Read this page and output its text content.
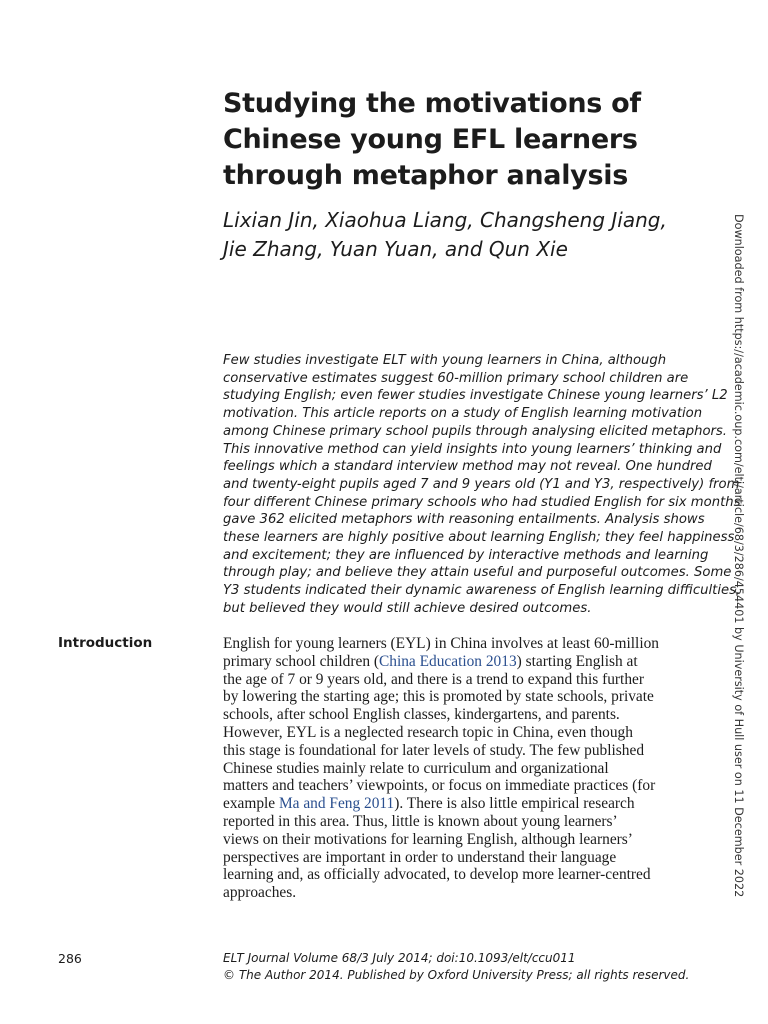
Studying the motivations of
Chinese young EFL learners
through metaphor analysis
Lixian Jin, Xiaohua Liang, Changsheng Jiang,
Jie Zhang, Yuan Yuan, and Qun Xie
Few studies investigate ELT with young learners in China, although
conservative estimates suggest 60-million primary school children are
studying English; even fewer studies investigate Chinese young learners’ L2
motivation. This article reports on a study of English learning motivation
among Chinese primary school pupils through analysing elicited metaphors.
This innovative method can yield insights into young learners’ thinking and
feelings which a standard interview method may not reveal. One hundred
and twenty-eight pupils aged 7 and 9 years old (Y1 and Y3, respectively) from
four different Chinese primary schools who had studied English for six months
gave 362 elicited metaphors with reasoning entailments. Analysis shows
these learners are highly positive about learning English; they feel happiness
and excitement; they are influenced by interactive methods and learning
through play; and believe they attain useful and purposeful outcomes. Some
Y3 students indicated their dynamic awareness of English learning difficulties,
but believed they would still achieve desired outcomes.
Introduction	English for young learners (EYL) in China involves at least 60-million
primary school children (China Education 2013) starting English at
the age of 7 or 9 years old, and there is a trend to expand this further
by lowering the starting age; this is promoted by state schools, private
schools, after school English classes, kindergartens, and parents.
However, EYL is a neglected research topic in China, even though
this stage is foundational for later levels of study. The few published
Chinese studies mainly relate to curriculum and organizational
matters and teachers’ viewpoints, or focus on immediate practices (for
example Ma and Feng 2011). There is also little empirical research
reported in this area. Thus, little is known about young learners’
views on their motivations for learning English, although learners’
perspectives are important in order to understand their language
learning and, as officially advocated, to develop more learner-centred
approaches.
286	ELT Journal Volume 68/3 July 2014; doi:10.1093/elt/ccu011
© The Author 2014. Published by Oxford University Press; all rights reserved.
Downloaded from https://academic.oup.com/eltj/article/68/3/286/454401 by University of Hull user on 11 December 2022
